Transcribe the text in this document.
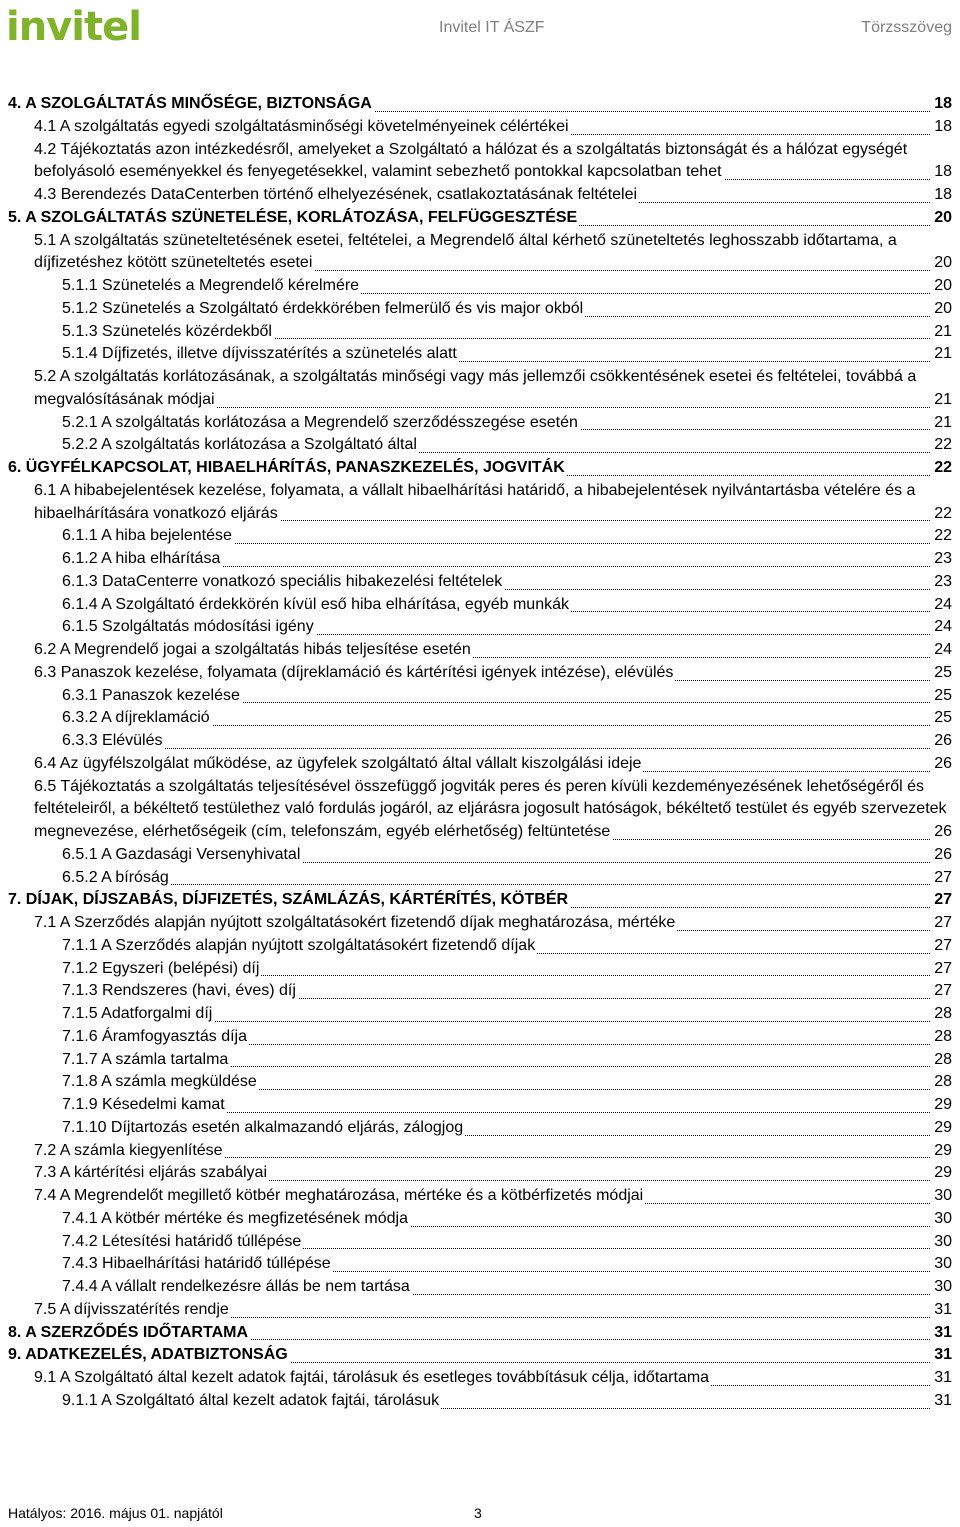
invitel	Invitel IT ÁSZF	Törzsszöveg
4. A SZOLGÁLTATÁS MINŐSÉGE, BIZTONSÁGA	18
4.1 A szolgáltatás egyedi szolgáltatásminőségi követelményeinek célértékei	18
4.2 Tájékoztatás azon intézkedésről, amelyeket a Szolgáltató a hálózat és a szolgáltatás biztonságát és a hálózat egységét befolyásoló eseményekkel és fenyegetésekkel, valamint sebezhető pontokkal kapcsolatban tehet	18
4.3 Berendezés DataCenterben történő elhelyezésének, csatlakoztatásának feltételei	18
5. A SZOLGÁLTATÁS SZÜNETELÉSE, KORLÁTOZÁSA, FELFÜGGESZTÉSE	20
5.1 A szolgáltatás szüneteltetésének esetei, feltételei, a Megrendelő által kérhető szüneteltetés leghosszabb időtartama, a díjfizetéshez kötött szüneteltetés esetei	20
5.1.1 Szünetelés a Megrendelő kérelmére	20
5.1.2 Szünetelés a Szolgáltató érdekkörében felmerülő és vis major okból	20
5.1.3 Szünetelés közérdekből	21
5.1.4 Díjfizetés, illetve díjvisszatérítés a szünetelés alatt	21
5.2 A szolgáltatás korlátozásának, a szolgáltatás minőségi vagy más jellemzői csökkentésének esetei és feltételei, továbbá a megvalósításának módjai	21
5.2.1 A szolgáltatás korlátozása a Megrendelő szerződésszegése esetén	21
5.2.2 A szolgáltatás korlátozása a Szolgáltató által	22
6. ÜGYFÉLKAPCSOLAT, HIBAELHÁRÍTÁS, PANASZKEZELÉS, JOGVITÁK	22
6.1 A hibabejelentések kezelése, folyamata, a vállalt hibaelhárítási határidő, a hibabejelentések nyilvántartásba vételére és a hibaelhárítására vonatkozó eljárás	22
6.1.1 A hiba bejelentése	22
6.1.2 A hiba elhárítása	23
6.1.3 DataCenterre vonatkozó speciális hibakezelési feltételek	23
6.1.4 A Szolgáltató érdekkörén kívül eső hiba elhárítása, egyéb munkák	24
6.1.5 Szolgáltatás módosítási igény	24
6.2 A Megrendelő jogai a szolgáltatás hibás teljesítése esetén	24
6.3 Panaszok kezelése, folyamata (díjreklamáció és kártérítési igények intézése), elévülés	25
6.3.1 Panaszok kezelése	25
6.3.2 A díjreklamáció	25
6.3.3 Elévülés	26
6.4 Az ügyfélszolgálat működése, az ügyfelek szolgáltató által vállalt kiszolgálási ideje	26
6.5 Tájékoztatás a szolgáltatás teljesítésével összefüggő jogviták peres és peren kívüli kezdeményezésének lehetőségéről és feltételeiről, a békéltető testülethez való fordulás jogáról, az eljárásra jogosult hatóságok, békéltető testület és egyéb szervezetek megnevezése, elérhetőségeik (cím, telefonszám, egyéb elérhetőség) feltüntetése	26
6.5.1 A Gazdasági Versenyhivatal	26
6.5.2 A bíróság	27
7. DÍJAK, DÍJSZABÁS, DÍJFIZETÉS, SZÁMLÁZÁS, KÁRTÉRÍTÉS, KÖTBÉR	27
7.1 A Szerződés alapján nyújtott szolgáltatásokért fizetendő díjak meghatározása, mértéke	27
7.1.1 A Szerződés alapján nyújtott szolgáltatásokért fizetendő díjak	27
7.1.2 Egyszeri (belépési) díj	27
7.1.3 Rendszeres (havi, éves) díj	27
7.1.5 Adatforgalmi díj	28
7.1.6 Áramfogyasztás díja	28
7.1.7 A számla tartalma	28
7.1.8 A számla megküldése	28
7.1.9 Késedelmi kamat	29
7.1.10 Díjtartozás esetén alkalmazandó eljárás, zálogjog	29
7.2 A számla kiegyenlítése	29
7.3 A kártérítési eljárás szabályai	29
7.4 A Megrendelőt megillető kötbér meghatározása, mértéke és a kötbérfizetés módjai	30
7.4.1 A kötbér mértéke és megfizetésének módja	30
7.4.2 Létesítési határidő túllépése	30
7.4.3 Hibaelhárítási határidő túllépése	30
7.4.4 A vállalt rendelkezésre állás be nem tartása	30
7.5 A díjvisszatérítés rendje	31
8. A SZERZŐDÉS IDŐTARTAMA	31
9. ADATKEZELÉS, ADATBIZTONSÁG	31
9.1 A Szolgáltató által kezelt adatok fajtái, tárolásuk és esetleges továbbításuk célja, időtartama	31
9.1.1 A Szolgáltató által kezelt adatok fajtái, tárolásuk	31
Hatályos: 2016. május 01. napjától	3
